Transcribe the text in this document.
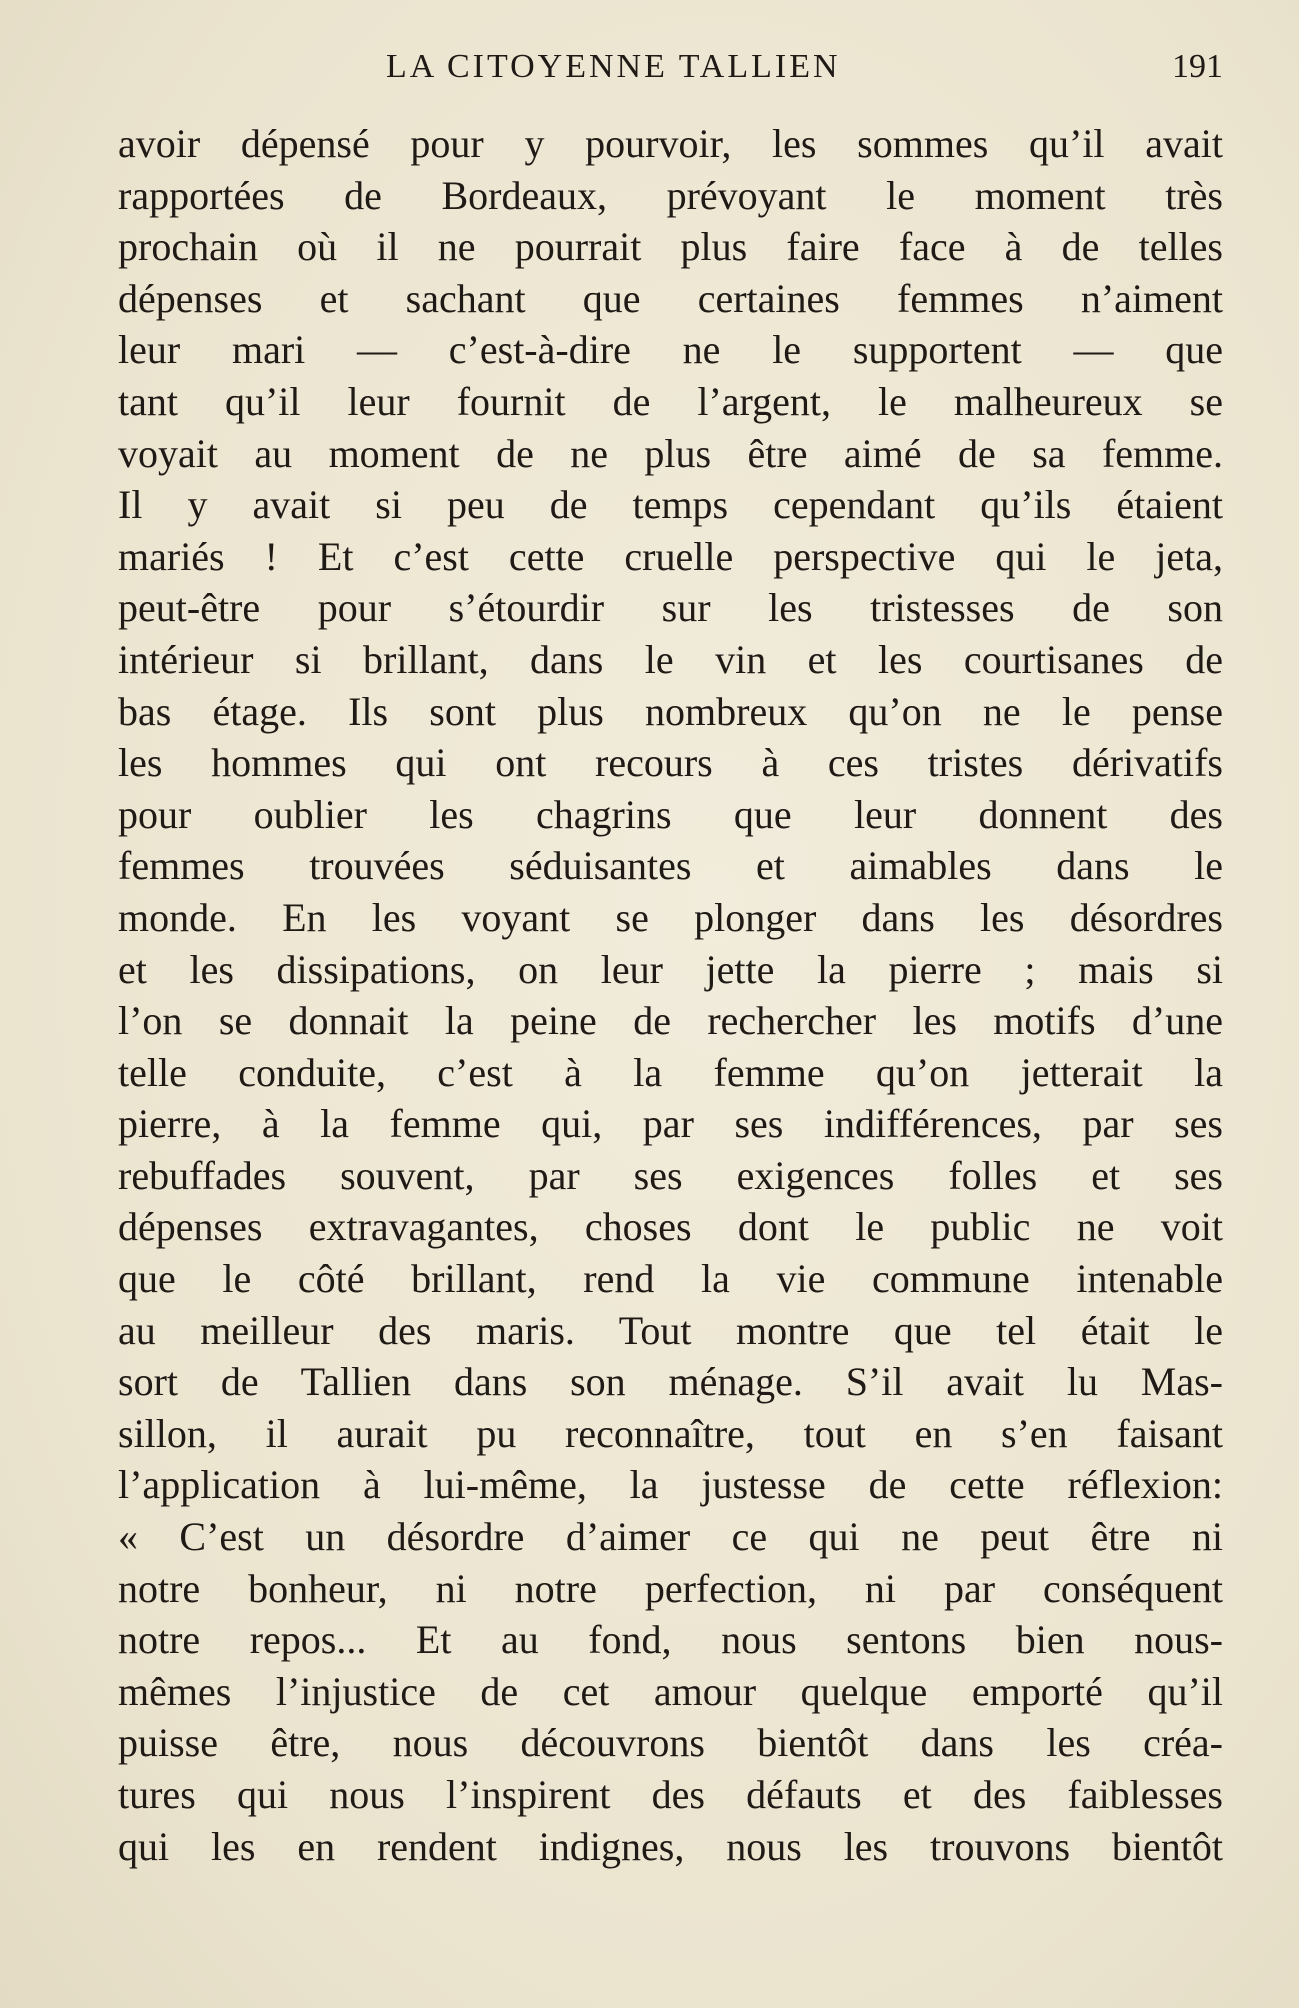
LA CITOYENNE TALLIEN	191
avoir dépensé pour y pourvoir, les sommes qu’il avait
rapportées de Bordeaux, prévoyant le moment très
prochain où il ne pourrait plus faire face à de telles
dépenses et sachant que certaines femmes n’aiment
leur mari — c’est-à-dire ne le supportent — que
tant qu’il leur fournit de l’argent, le malheureux se
voyait au moment de ne plus être aimé de sa femme.
Il y avait si peu de temps cependant qu’ils étaient
mariés ! Et c’est cette cruelle perspective qui le jeta,
peut-être pour s’étourdir sur les tristesses de son
intérieur si brillant, dans le vin et les courtisanes de
bas étage. Ils sont plus nombreux qu’on ne le pense
les hommes qui ont recours à ces tristes dérivatifs
pour oublier les chagrins que leur donnent des
femmes trouvées séduisantes et aimables dans le
monde. En les voyant se plonger dans les désordres
et les dissipations, on leur jette la pierre ; mais si
l’on se donnait la peine de rechercher les motifs d’une
telle conduite, c’est à la femme qu’on jetterait la
pierre, à la femme qui, par ses indifférences, par ses
rebuffades souvent, par ses exigences folles et ses
dépenses extravagantes, choses dont le public ne voit
que le côté brillant, rend la vie commune intenable
au meilleur des maris. Tout montre que tel était le
sort de Tallien dans son ménage. S’il avait lu Mas-
sillon, il aurait pu reconnaître, tout en s’en faisant
l’application à lui-même, la justesse de cette réflexion:
« C’est un désordre d’aimer ce qui ne peut être ni
notre bonheur, ni notre perfection, ni par conséquent
notre repos... Et au fond, nous sentons bien nous-
mêmes l’injustice de cet amour quelque emporté qu’il
puisse être, nous découvrons bientôt dans les créa-
tures qui nous l’inspirent des défauts et des faiblesses
qui les en rendent indignes, nous les trouvons bientôt
